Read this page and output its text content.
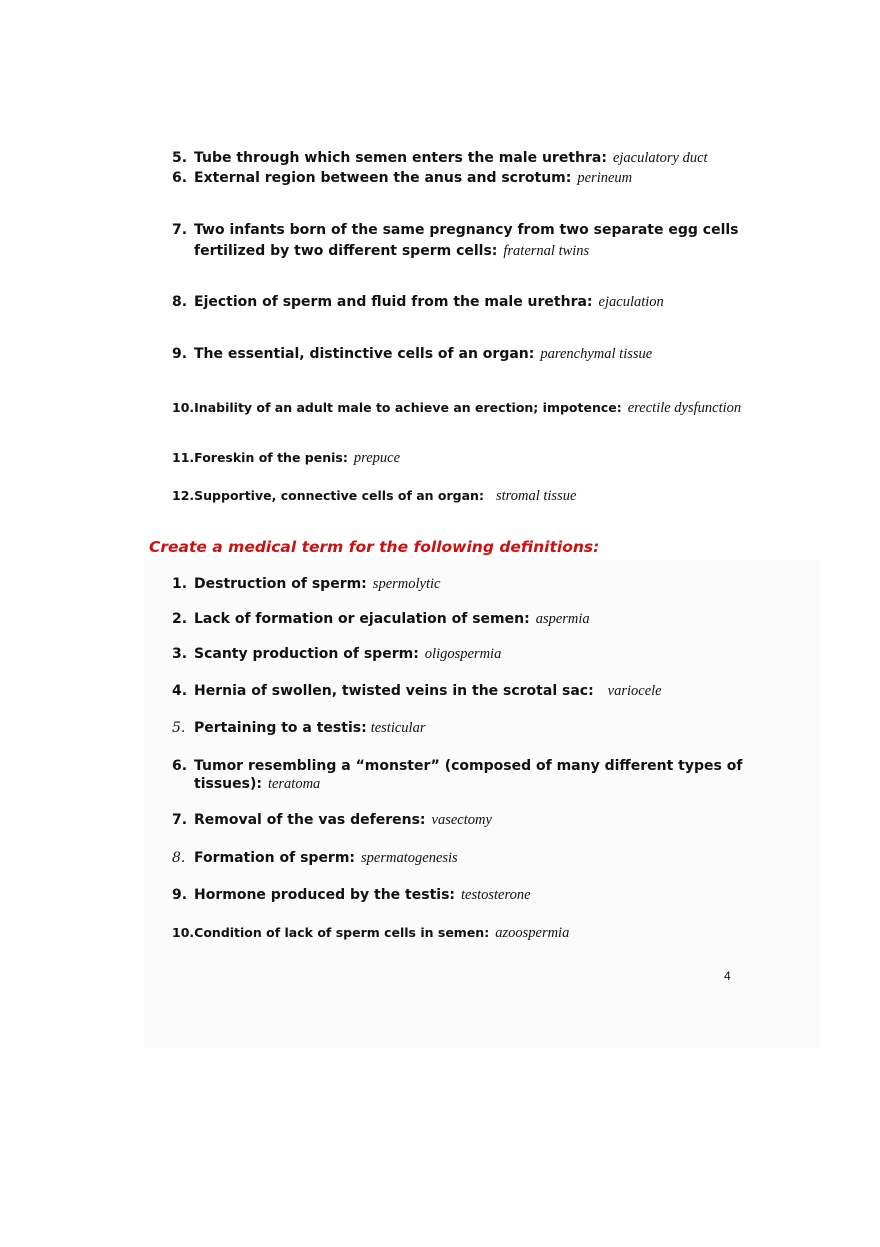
5. Tube through which semen enters the male urethra: ejaculatory duct
6. External region between the anus and scrotum: perineum
7. Two infants born of the same pregnancy from two separate egg cells
fertilized by two different sperm cells: fraternal twins
8. Ejection of sperm and fluid from the male urethra: ejaculation
9. The essential, distinctive cells of an organ: parenchymal tissue
10.Inability of an adult male to achieve an erection; impotence: erectile dysfunction
11.Foreskin of the penis: prepuce
12.Supportive, connective cells of an organ: stromal tissue
Create a medical term for the following definitions:
1. Destruction of sperm: spermolytic
2. Lack of formation or ejaculation of semen: aspermia
3. Scanty production of sperm: oligospermia
4. Hernia of swollen, twisted veins in the scrotal sac: variocele
5. Pertaining to a testis: testicular
6. Tumor resembling a “monster” (composed of many different types of
tissues): teratoma
7. Removal of the vas deferens: vasectomy
8. Formation of sperm: spermatogenesis
9. Hormone produced by the testis: testosterone
10.Condition of lack of sperm cells in semen: azoospermia
4
